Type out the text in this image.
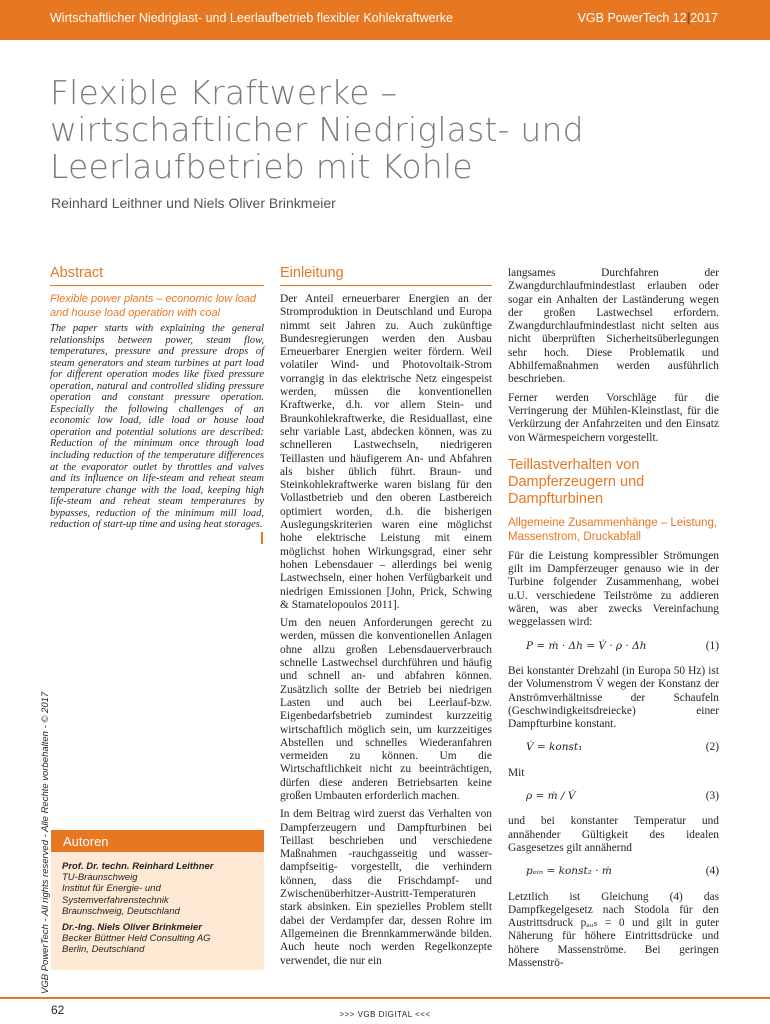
Wirtschaftlicher Niedriglast- und Leerlaufbetrieb flexibler Kohlekraftwerke	VGB PowerTech 12|2017
Flexible Kraftwerke –
wirtschaftlicher Niedriglast- und
Leerlaufbetrieb mit Kohle
Reinhard Leithner und Niels Oliver Brinkmeier
Abstract
Flexible power plants – economic low load and house load operation with coal
The paper starts with explaining the general relationships between power, steam flow, temperatures, pressure and pressure drops of steam generators and steam turbines at part load for different operation modes like fixed pressure operation, natural and controlled sliding pressure operation and constant pressure operation. Especially the following challenges of an economic low load, idle load or house load operation and potential solutions are described: Reduction of the minimum once through load including reduction of the temperature differences at the evaporator outlet by throttles and valves and its influence on life-steam and reheat steam temperature change with the load, keeping high life-steam and reheat steam temperatures by bypasses, reduction of the minimum mill load, reduction of start-up time and using heat storages.
VGB PowerTech - All rights reserved - Alle Rechte vorbehalten - © 2017 Autoren
Prof. Dr. techn. Reinhard Leithner
TU-Braunschweig
Institut für Energie- und
Systemverfahrenstechnik
Braunschweig, Deutschland
Dr.-Ing. Niels Oliver Brinkmeier
Becker Büttner Held Consulting AG
Berlin, Deutschland
Einleitung

Der Anteil erneuerbarer Energien an der Stromproduktion in Deutschland und Europa nimmt seit Jahren zu. Auch zukünftige Bundesregierungen werden den Ausbau Erneuerbarer Energien weiter fördern. Weil volatiler Wind- und Photovoltaik-Strom vorrangig in das elektrische Netz eingespeist werden, müssen die konventionellen Kraftwerke, d.h. vor allem Stein- und Braunkohlekraftwerke, die Residuallast, eine sehr variable Last, abdecken können, was zu schnelleren Lastwechseln, niedrigeren Teillasten und häufigerem An- und Abfahren als bisher üblich führt. Braun- und Steinkohlekraftwerke waren bislang für den Vollastbetrieb und den oberen Lastbereich optimiert worden, d.h. die bisherigen Auslegungskriterien waren eine möglichst hohe elektrische Leistung mit einem möglichst hohen Wirkungsgrad, einer sehr hohen Lebensdauer – allerdings bei wenig Lastwechseln, einer hohen Verfügbarkeit und niedrigen Emissionen [John, Prick, Schwing & Stamatelopoulos 2011].

Um den neuen Anforderungen gerecht zu werden, müssen die konventionellen Anlagen ohne allzu großen Lebensdauerverbrauch schnelle Lastwechsel durchführen und häufig und schnell an- und abfahren können. Zusätzlich sollte der Betrieb bei niedrigen Lasten und auch bei Leerlauf-bzw. Eigenbedarfsbetrieb zumindest kurzzeitig wirtschaftlich möglich sein, um kurzzeitiges Abstellen und schnelles Wiederanfahren vermeiden zu können. Um die Wirtschaftlichkeit nicht zu beeinträchtigen, dürfen diese anderen Betriebsarten keine großen Umbauten erforderlich machen.

In dem Beitrag wird zuerst das Verhalten von Dampferzeugern und Dampfturbinen bei Teillast beschrieben und verschiedene Maßnahmen -rauchgasseitig und wasser-dampfseitig- vorgestellt, die verhindern können, dass die Frischdampf- und Zwischenüberhitzer-Austritt-Temperaturen stark absinken. Ein spezielles Problem stellt dabei der Verdampfer dar, dessen Rohre im Allgemeinen die Brennkammerwände bilden. Auch heute noch werden Regelkonzepte verwendet, die nur ein

langsames Durchfahren der Zwangdurchlaufmindestlast erlauben oder sogar ein Anhalten der Laständerung wegen der großen Lastwechsel erfordern. Zwangdurchlaufmindestlast nicht selten aus nicht überprüften Sicherheitsüberlegungen sehr hoch. Diese Problematik und Abhilfemaßnahmen werden ausführlich beschrieben.

Ferner werden Vorschläge für die Verringerung der Mühlen-Kleinstlast, für die Verkürzung der Anfahrzeiten und den Einsatz von Wärmespeichern vorgestellt.

Teillastverhalten von Dampferzeugern und Dampfturbinen
Allgemeine Zusammenhänge – Leistung, Massenstrom, Druckabfall

Für die Leistung kompressibler Strömungen gilt im Dampferzeuger genauso wie in der Turbine folgender Zusammenhang, wobei u.U. verschiedene Teilströme zu addieren wären, was aber zwecks Vereinfachung weggelassen wird:

P = ṁ · Δh = V̇ · ρ · Δh	(1)

Bei konstanter Drehzahl (in Europa 50 Hz) ist der Volumenstrom V̇ wegen der Konstanz der Anströmverhältnisse der Schaufeln (Geschwindigkeitsdreiecke) einer Dampfturbine konstant.

V̇ = konst₁	(2)

Mit

ρ = ṁ / V̇	(3)

und bei konstanter Temperatur und annähender Gültigkeit des idealen Gasgesetzes gilt annähernd

pₑᵢₙ = konst₂ · ṁ	(4)

Letztlich ist Gleichung (4) das Dampfkegelgesetz nach Stodola für den Austrittsdruck pₐᵤₛ = 0 und gilt in guter Näherung für höhere Eintrittsdrücke und höhere Massenströme. Bei geringen Massenströ-

62	>>> VGB DIGITAL <<<
